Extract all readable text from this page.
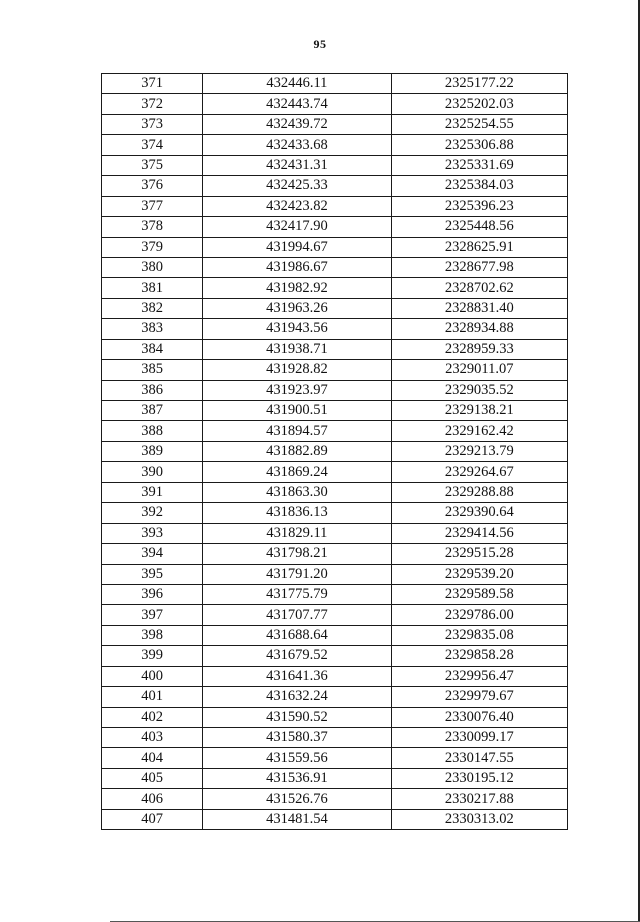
95
371	432446.11	2325177.22
372	432443.74	2325202.03
373	432439.72	2325254.55
374	432433.68	2325306.88
375	432431.31	2325331.69
376	432425.33	2325384.03
377	432423.82	2325396.23
378	432417.90	2325448.56
379	431994.67	2328625.91
380	431986.67	2328677.98
381	431982.92	2328702.62
382	431963.26	2328831.40
383	431943.56	2328934.88
384	431938.71	2328959.33
385	431928.82	2329011.07
386	431923.97	2329035.52
387	431900.51	2329138.21
388	431894.57	2329162.42
389	431882.89	2329213.79
390	431869.24	2329264.67
391	431863.30	2329288.88
392	431836.13	2329390.64
393	431829.11	2329414.56
394	431798.21	2329515.28
395	431791.20	2329539.20
396	431775.79	2329589.58
397	431707.77	2329786.00
398	431688.64	2329835.08
399	431679.52	2329858.28
400	431641.36	2329956.47
401	431632.24	2329979.67
402	431590.52	2330076.40
403	431580.37	2330099.17
404	431559.56	2330147.55
405	431536.91	2330195.12
406	431526.76	2330217.88
407	431481.54	2330313.02
